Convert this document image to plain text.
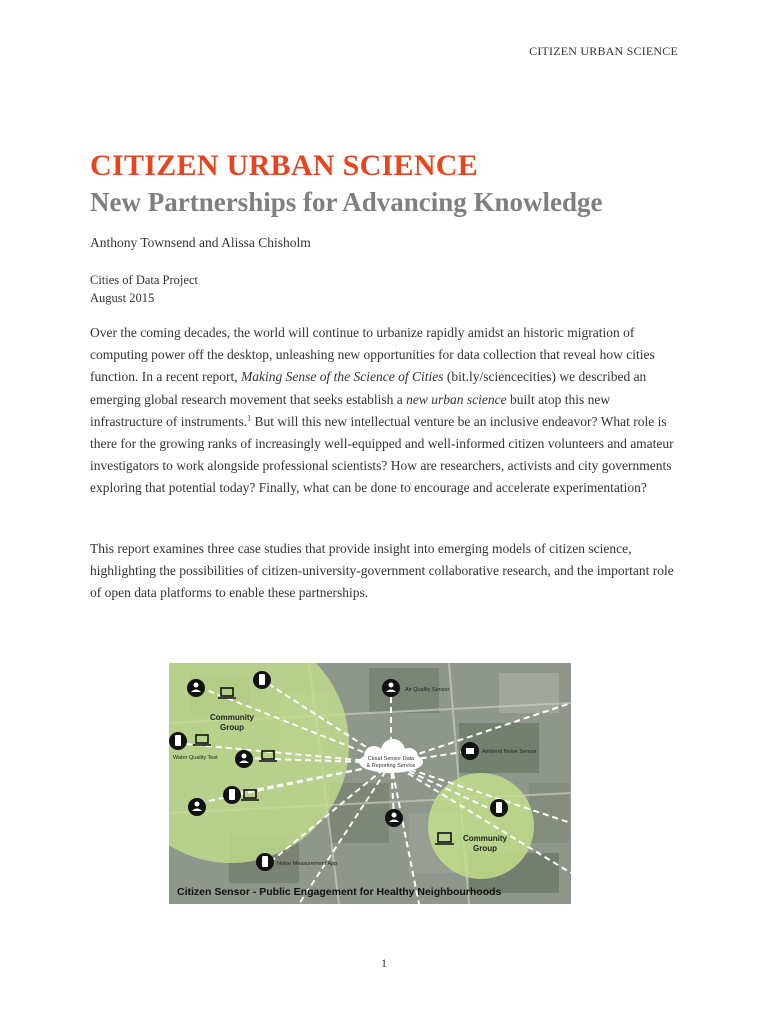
CITIZEN URBAN SCIENCE
CITIZEN URBAN SCIENCE
New Partnerships for Advancing Knowledge
Anthony Townsend and Alissa Chisholm
Cities of Data Project
August 2015

Over the coming decades, the world will continue to urbanize rapidly amidst an historic migration of computing power off the desktop, unleashing new opportunities for data collection that reveal how cities function. In a recent report, Making Sense of the Science of Cities (bit.ly/sciencecities) we described an emerging global research movement that seeks establish a new urban science built atop this new infrastructure of instruments.$^1$ But will this new intellectual venture be an inclusive endeavor? What role is there for the growing ranks of increasingly well-equipped and well-informed citizen volunteers and amateur investigators to work alongside professional scientists? How are researchers, activists and city governments exploring that potential today? Finally, what can be done to encourage and accelerate experimentation?

This report examines three case studies that provide insight into emerging models of citizen science, highlighting the possibilities of citizen-university-government collaborative research, and the important role of open data platforms to enable these partnerships.

Cloud Sensor Data
& Reporting Service
Community
Group
Community
Group
Air Quality Sensor
Ambient Noise Sensor
Water Quality Test
Noise Measurement App
Citizen Sensor - Public Engagement for Healthy Neighbourhoods
1
